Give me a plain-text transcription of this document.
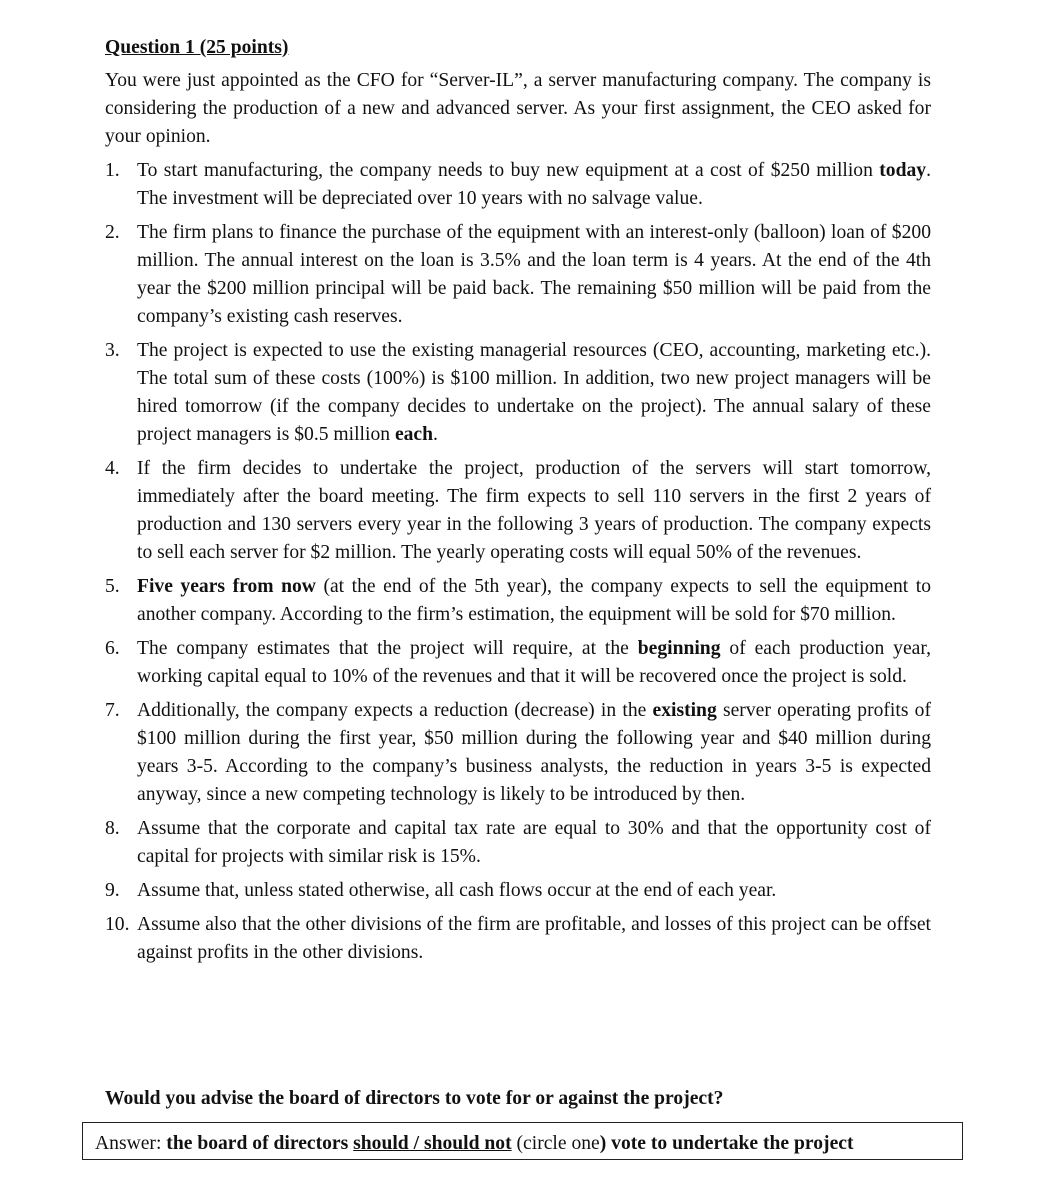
Question 1 (25 points)

You were just appointed as the CFO for “Server-IL”, a server manufacturing company. The company is considering the production of a new and advanced server. As your first assignment, the CEO asked for your opinion.

1. To start manufacturing, the company needs to buy new equipment at a cost of $250 million today. The investment will be depreciated over 10 years with no salvage value.
2. The firm plans to finance the purchase of the equipment with an interest-only (balloon) loan of $200 million. The annual interest on the loan is 3.5% and the loan term is 4 years. At the end of the 4th year the $200 million principal will be paid back. The remaining $50 million will be paid from the company’s existing cash reserves.
3. The project is expected to use the existing managerial resources (CEO, accounting, marketing etc.). The total sum of these costs (100%) is $100 million. In addition, two new project managers will be hired tomorrow (if the company decides to undertake on the project). The annual salary of these project managers is $0.5 million each.
4. If the firm decides to undertake the project, production of the servers will start tomorrow, immediately after the board meeting. The firm expects to sell 110 servers in the first 2 years of production and 130 servers every year in the following 3 years of production. The company expects to sell each server for $2 million. The yearly operating costs will equal 50% of the revenues.
5. Five years from now (at the end of the 5th year), the company expects to sell the equipment to another company. According to the firm’s estimation, the equipment will be sold for $70 million.
6. The company estimates that the project will require, at the beginning of each production year, working capital equal to 10% of the revenues and that it will be recovered once the project is sold.
7. Additionally, the company expects a reduction (decrease) in the existing server operating profits of $100 million during the first year, $50 million during the following year and $40 million during years 3-5. According to the company’s business analysts, the reduction in years 3-5 is expected anyway, since a new competing technology is likely to be introduced by then.
8. Assume that the corporate and capital tax rate are equal to 30% and that the opportunity cost of capital for projects with similar risk is 15%.
9. Assume that, unless stated otherwise, all cash flows occur at the end of each year.
10. Assume also that the other divisions of the firm are profitable, and losses of this project can be offset against profits in the other divisions.
Would you advise the board of directors to vote for or against the project?
Answer: the board of directors should / should not (circle one) vote to undertake the project
